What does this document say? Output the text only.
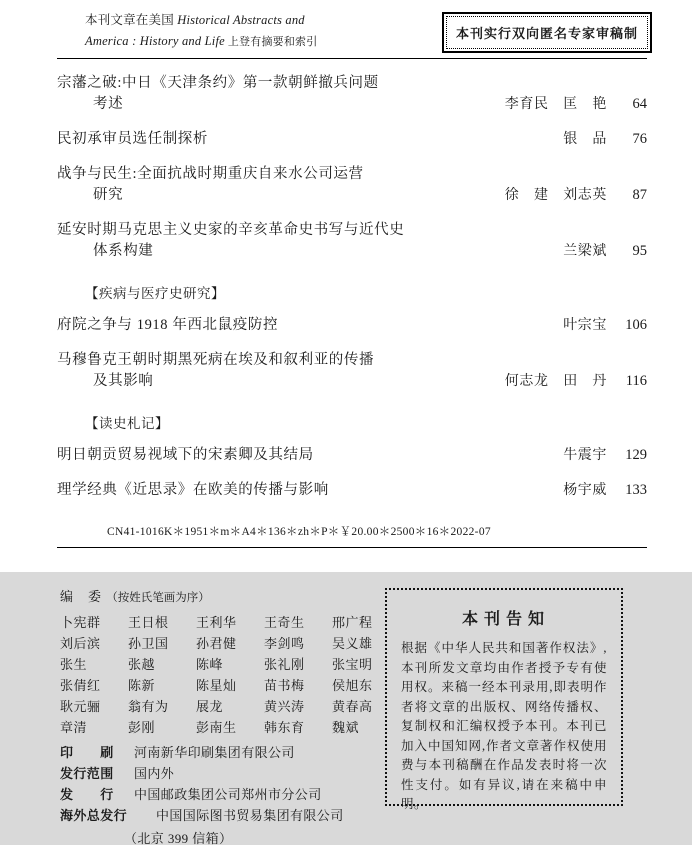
本刊文章在美国 Historical Abstracts and
America : History and Life 上登有摘要和索引
本刊实行双向匿名专家审稿制
宗藩之破:中日《天津条约》第一款朝鲜撤兵问题
考述	李育民　匡　艳	64
民初承审员选任制探析	银　品	76
战争与民生:全面抗战时期重庆自来水公司运营
研究	徐　建　刘志英	87
延安时期马克思主义史家的辛亥革命史书写与近代史
体系构建	兰梁斌	95
【疾病与医疗史研究】
府院之争与 1918 年西北鼠疫防控	叶宗宝	106
马穆鲁克王朝时期黑死病在埃及和叙利亚的传播
及其影响	何志龙　田　丹	116
【读史札记】
明日朝贡贸易视域下的宋素卿及其结局	牛震宇	129
理学经典《近思录》在欧美的传播与影响	杨宇威	133
CN41-1016K＊1951＊m＊A4＊136＊zh＊P＊￥20.00＊2500＊16＊2022-07
编　委 （按姓氏笔画为序）
卜宪群 王日根 王利华 王奇生 邢广程
刘后滨 孙卫国 孙君健 李剑鸣 吴义雄
张生	张越	陈峰	张礼刚 张宝明
张倩红 陈新	陈星灿 苗书梅 侯旭东
耿元骊 翁有为 展龙	黄兴涛 黄春高
章清	彭刚	彭南生 韩东育 魏斌
印　　刷 河南新华印刷集团有限公司
发行范围 国内外
发　　行 中国邮政集团公司郑州市分公司
海外总发行 中国国际图书贸易集团有限公司
（北京 399 信箱）
本刊告知
根据《中华人民共和国著作权法》,本刊所发文章均由作者授予专有使用权。来稿一经本刊录用,即表明作者将文章的出版权、网络传播权、复制权和汇编权授予本刊。本刊已加入中国知网,作者文章著作权使用费与本刊稿酬在作品发表时将一次性支付。如有异议,请在来稿中申明。
